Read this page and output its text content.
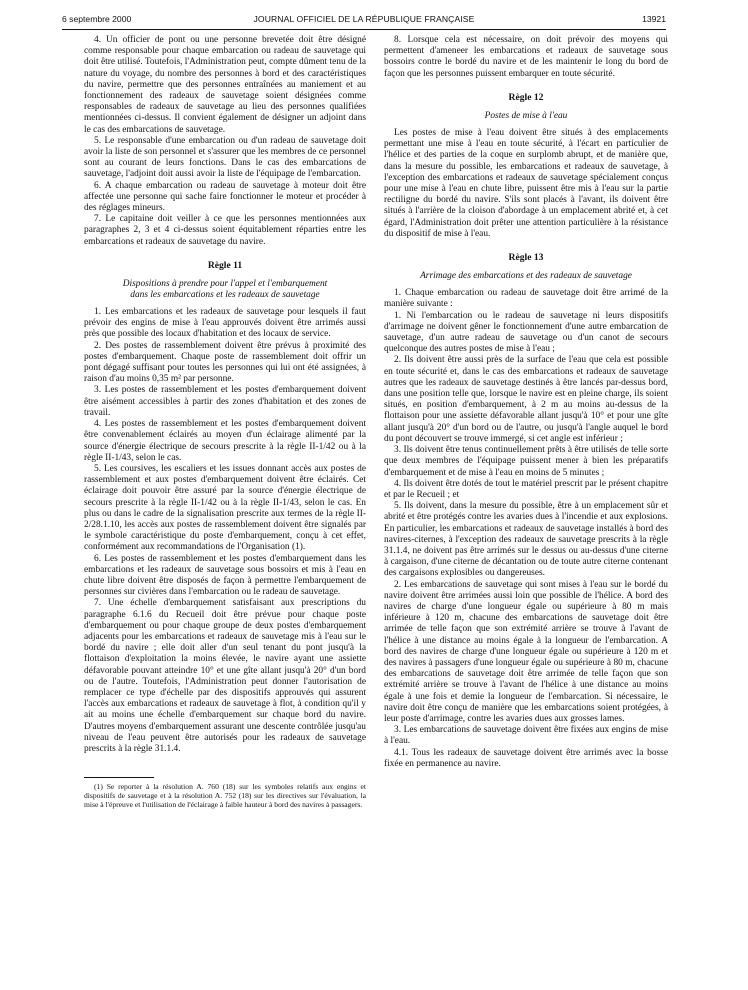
6 septembre 2000	JOURNAL OFFICIEL DE LA RÉPUBLIQUE FRANÇAISE	13921

4. Un officier de pont ou une personne brevetée doit être désigné comme responsable pour chaque embarcation ou radeau de sauvetage qui doit être utilisé. Toutefois, l'Administration peut, compte dûment tenu de la nature du voyage, du nombre des personnes à bord et des caractéristiques du navire, permettre que des personnes entraînées au maniement et au fonctionnement des radeaux de sauvetage soient désignées comme responsables de radeaux de sauvetage au lieu des personnes qualifiées mentionnées ci-dessus. Il convient également de désigner un adjoint dans le cas des embarcations de sauvetage.

5. Le responsable d'une embarcation ou d'un radeau de sauvetage doit avoir la liste de son personnel et s'assurer que les membres de ce personnel sont au courant de leurs fonctions. Dans le cas des embarcations de sauvetage, l'adjoint doit aussi avoir la liste de l'équipage de l'embarcation.

6. A chaque embarcation ou radeau de sauvetage à moteur doit être affectée une personne qui sache faire fonctionner le moteur et procéder à des réglages mineurs.

7. Le capitaine doit veiller à ce que les personnes mentionnées aux paragraphes 2, 3 et 4 ci-dessus soient équitablement réparties entre les embarcations et radeaux de sauvetage du navire.

Règle 11
Dispositions à prendre pour l'appel et l'embarquement
dans les embarcations et les radeaux de sauvetage

1. Les embarcations et les radeaux de sauvetage pour lesquels il faut prévoir des engins de mise à l'eau approuvés doivent être arrimés aussi près que possible des locaux d'habitation et des locaux de service.

2. Des postes de rassemblement doivent être prévus à proximité des postes d'embarquement. Chaque poste de rassemblement doit offrir un pont dégagé suffisant pour toutes les personnes qui lui ont été assignées, à raison d'au moins 0,35 m² par personne.

3. Les postes de rassemblement et les postes d'embarquement doivent être aisément accessibles à partir des zones d'habitation et des zones de travail.

4. Les postes de rassemblement et les postes d'embarquement doivent être convenablement éclairés au moyen d'un éclairage alimenté par la source d'énergie électrique de secours prescrite à la règle II-1/42 ou à la règle II-1/43, selon le cas.

5. Les coursives, les escaliers et les issues donnant accès aux postes de rassemblement et aux postes d'embarquement doivent être éclairés. Cet éclairage doit pouvoir être assuré par la source d'énergie électrique de secours prescrite à la règle II-1/42 ou à la règle II-1/43, selon le cas. En plus ou dans le cadre de la signalisation prescrite aux termes de la règle II-2/28.1.10, les accès aux postes de rassemblement doivent être signalés par le symbole caractéristique du poste d'embarquement, conçu à cet effet, conformément aux recommandations de l'Organisation (1).

6. Les postes de rassemblement et les postes d'embarquement dans les embarcations et les radeaux de sauvetage sous bossoirs et mis à l'eau en chute libre doivent être disposés de façon à permettre l'embarquement de personnes sur civières dans l'embarcation ou le radeau de sauvetage.

7. Une échelle d'embarquement satisfaisant aux prescriptions du paragraphe 6.1.6 du Recueil doit être prévue pour chaque poste d'embarquement ou pour chaque groupe de deux postes d'embarquement adjacents pour les embarcations et radeaux de sauvetage mis à l'eau sur le bordé du navire ; elle doit aller d'un seul tenant du pont jusqu'à la flottaison d'exploitation la moins élevée, le navire ayant une assiette défavorable pouvant atteindre 10° et une gîte allant jusqu'à 20° d'un bord ou de l'autre. Toutefois, l'Administration peut donner l'autorisation de remplacer ce type d'échelle par des dispositifs approuvés qui assurent l'accès aux embarcations et radeaux de sauvetage à flot, à condition qu'il y ait au moins une échelle d'embarquement sur chaque bord du navire. D'autres moyens d'embarquement assurant une descente contrôlée jusqu'au niveau de l'eau peuvent être autorisés pour les radeaux de sauvetage prescrits à la règle 31.1.4.

(1) Se reporter à la résolution A. 760 (18) sur les symboles relatifs aux engins et dispositifs de sauvetage et à la résolution A. 752 (18) sur les directives sur l'évaluation, la mise à l'épreuve et l'utilisation de l'éclairage à faible hauteur à bord des navires à passagers.

8. Lorsque cela est nécessaire, on doit prévoir des moyens qui permettent d'ameneer les embarcations et radeaux de sauvetage sous bossoirs contre le bordé du navire et de les maintenir le long du bord de façon que les personnes puissent embarquer en toute sécurité.

Règle 12
Postes de mise à l'eau

Les postes de mise à l'eau doivent être situés à des emplacements permettant une mise à l'eau en toute sécurité, à l'écart en particulier de l'hélice et des parties de la coque en surplomb abrupt, et de manière que, dans la mesure du possible, les embarcations et radeaux de sauvetage, à l'exception des embarcations et radeaux de sauvetage spécialement conçus pour une mise à l'eau en chute libre, puissent être mis à l'eau sur la partie rectiligne du bordé du navire. S'ils sont placés à l'avant, ils doivent être situés à l'arrière de la cloison d'abordage à un emplacement abrité et, à cet égard, l'Administration doit prêter une attention particulière à la résistance du dispositif de mise à l'eau.

Règle 13
Arrimage des embarcations et des radeaux de sauvetage

1. Chaque embarcation ou radeau de sauvetage doit être arrimé de la manière suivante :

1. Ni l'embarcation ou le radeau de sauvetage ni leurs dispositifs d'arrimage ne doivent gêner le fonctionnement d'une autre embarcation de sauvetage, d'un autre radeau de sauvetage ou d'un canot de secours quelconque des autres postes de mise à l'eau ;

2. Ils doivent être aussi près de la surface de l'eau que cela est possible en toute sécurité et, dans le cas des embarcations et radeaux de sauvetage autres que les radeaux de sauvetage destinés à être lancés par-dessus bord, dans une position telle que, lorsque le navire est en pleine charge, ils soient situés, en position d'embarquement, à 2 m au moins au-dessus de la flottaison pour une assiette défavorable allant jusqu'à 10° et pour une gîte allant jusqu'à 20° d'un bord ou de l'autre, ou jusqu'à l'angle auquel le bord du pont découvert se trouve immergé, si cet angle est inférieur ;

3. Ils doivent être tenus continuellement prêts à être utilisés de telle sorte que deux membres de l'équipage puissent mener à bien les préparatifs d'embarquement et de mise à l'eau en moins de 5 minutes ;

4. Ils doivent être dotés de tout le matériel prescrit par le présent chapitre et par le Recueil ; et

5. Ils doivent, dans la mesure du possible, être à un emplacement sûr et abrité et être protégés contre les avaries dues à l'incendie et aux explosions. En particulier, les embarcations et radeaux de sauvetage installés à bord des navires-citernes, à l'exception des radeaux de sauvetage prescrits à la règle 31.1.4, ne doivent pas être arrimés sur le dessus ou au-dessus d'une citerne à cargaison, d'une citerne de décantation ou de toute autre citerne contenant des cargaisons explosibles ou dangereuses.

2. Les embarcations de sauvetage qui sont mises à l'eau sur le bordé du navire doivent être arrimées aussi loin que possible de l'hélice. A bord des navires de charge d'une longueur égale ou supérieure à 80 m mais inférieure à 120 m, chacune des embarcations de sauvetage doit être arrimée de telle façon que son extrémité arrière se trouve à l'avant de l'hélice à une distance au moins égale à la longueur de l'embarcation. A bord des navires de charge d'une longueur égale ou supérieure à 120 m et des navires à passagers d'une longueur égale ou supérieure à 80 m, chacune des embarcations de sauvetage doit être arrimée de telle façon que son extrémité arrière se trouve à l'avant de l'hélice à une distance au moins égale à une fois et demie la longueur de l'embarcation. Si nécessaire, le navire doit être conçu de manière que les embarcations soient protégées, à leur poste d'arrimage, contre les avaries dues aux grosses lames.

3. Les embarcations de sauvetage doivent être fixées aux engins de mise à l'eau.

4.1. Tous les radeaux de sauvetage doivent être arrimés avec la bosse fixée en permanence au navire.
